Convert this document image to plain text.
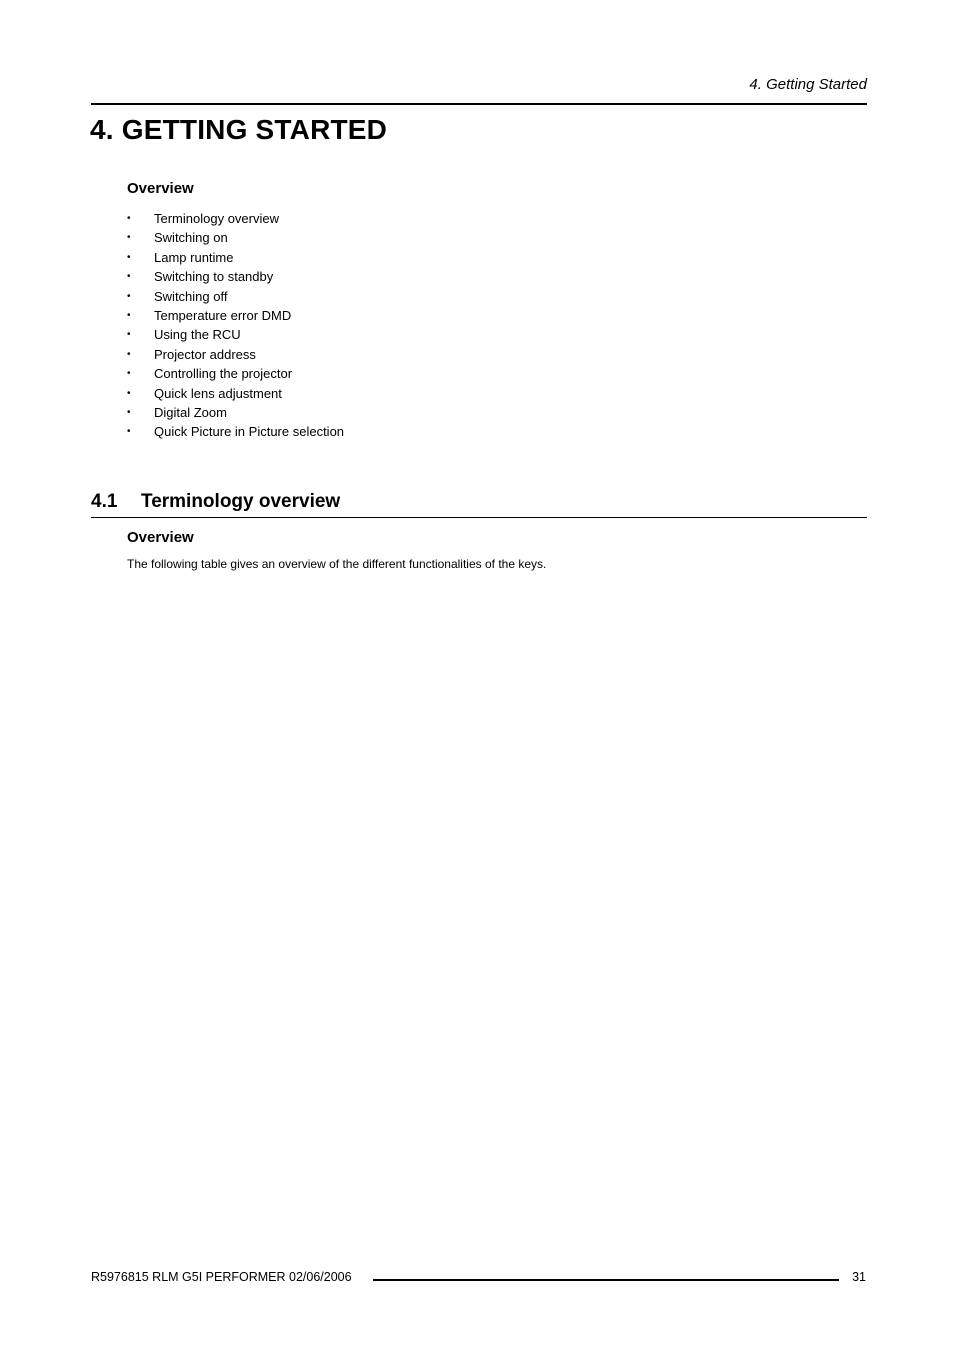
4. Getting Started
4. GETTING STARTED
Overview
• Terminology overview
• Switching on
• Lamp runtime
• Switching to standby
• Switching off
• Temperature error DMD
• Using the RCU
• Projector address
• Controlling the projector
• Quick lens adjustment
• Digital Zoom
• Quick Picture in Picture selection
4.1 Terminology overview
Overview

The following table gives an overview of the different functionalities of the keys.

R5976815 RLM G5I PERFORMER 02/06/2006	31
